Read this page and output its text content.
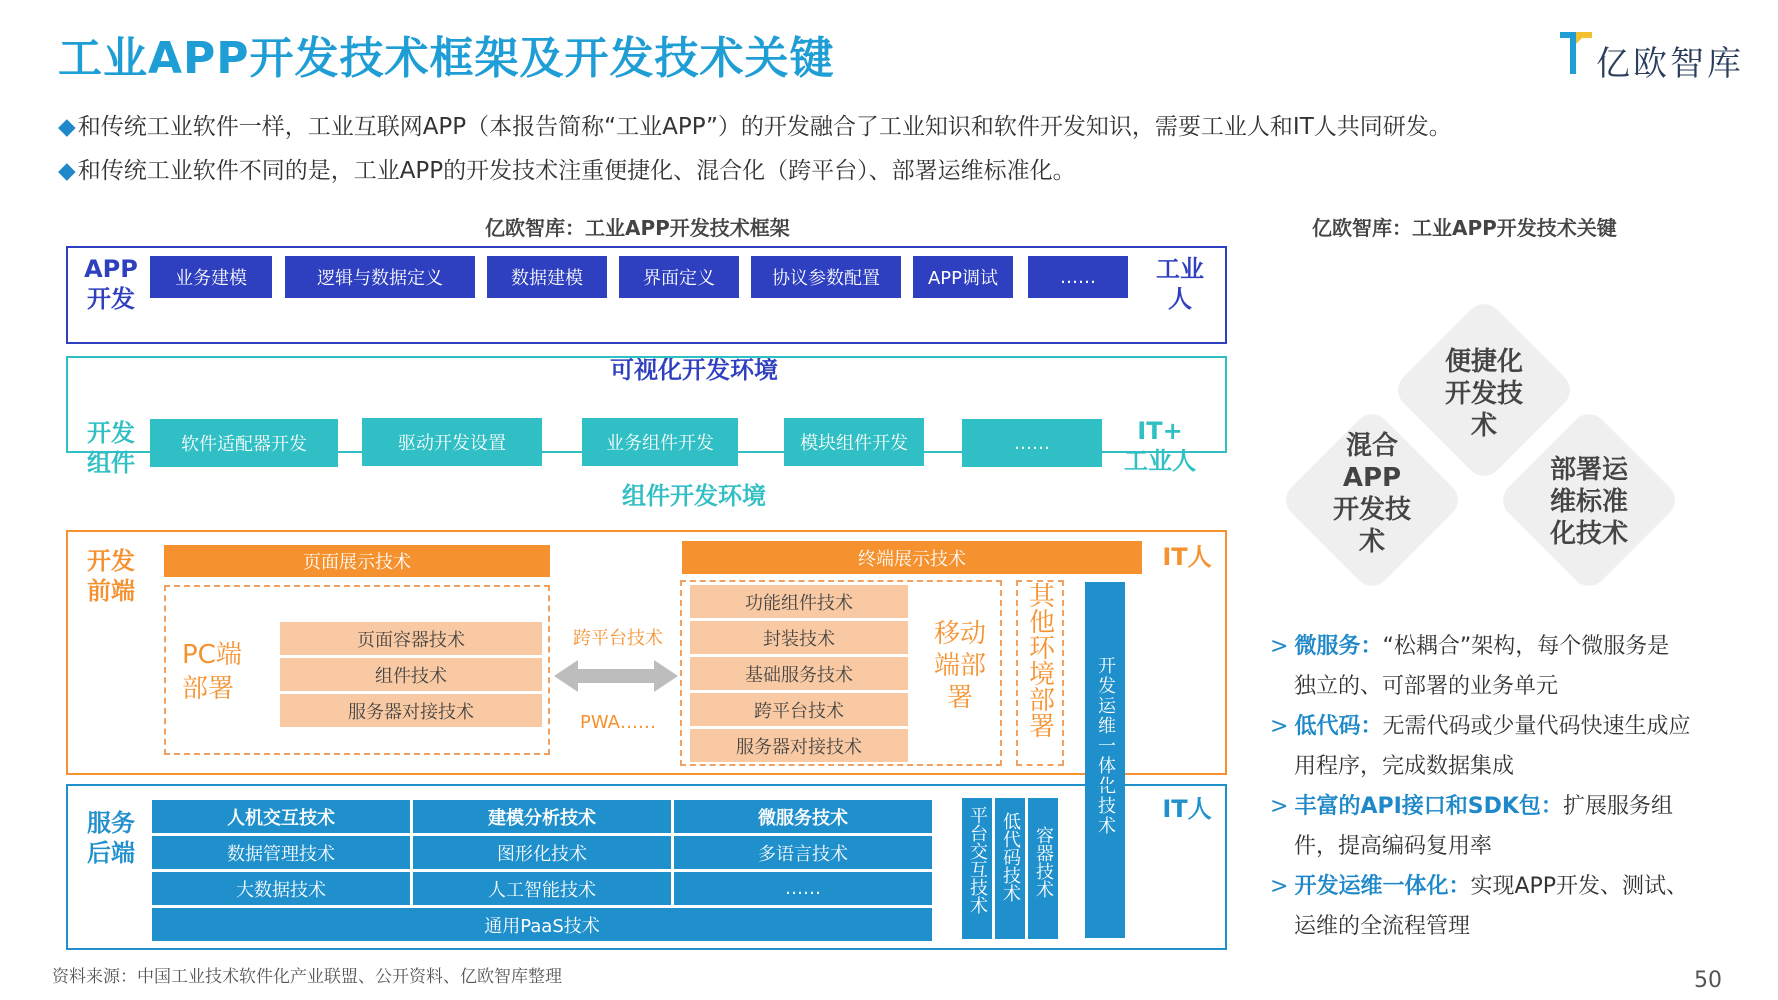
工业APP开发技术框架及开发技术关键	亿欧智库
◆和传统工业软件一样，工业互联网APP（本报告简称“工业APP”）的开发融合了工业知识和软件开发知识，需要工业人和IT人共同研发。
◆和传统工业软件不同的是，工业APP的开发技术注重便捷化、混合化（跨平台）、部署运维标准化。
亿欧智库：工业APP开发技术框架
APP
开发
业务建模	逻辑与数据定义	数据建模	界面定义	协议参数配置	APP调试	……
可视化开发环境
工业
人
开发
组件
软件适配器开发	驱动开发设置	业务组件开发	模块组件开发	……
组件开发环境
IT+
工业人
开发
前端
页面展示技术	终端展示技术	IT人
PC端
部署
页面容器技术
组件技术
服务器对接技术
跨平台技术
PWA……
功能组件技术
封装技术
基础服务技术
跨平台技术
服务器对接技术
移动
端部
署	其他环境部署 开发运维一体化技术
服务
后端
IT人
人机交互技术	建模分析技术	微服务技术
数据管理技术	图形化技术	多语言技术
大数据技术	人工智能技术	……
通用PaaS技术
平台交互技术 低代码技术 容器技术
亿欧智库：工业APP开发技术关键
便捷化
开发技
术
混合
APP
开发技
术
部署运
维标准
化技术
> 微服务：“松耦合”架构，每个微服务是
独立的、可部署的业务单元
> 低代码：无需代码或少量代码快速生成应
用程序，完成数据集成
> 丰富的API接口和SDK包：扩展服务组
件，提高编码复用率
> 开发运维一体化：实现APP开发、测试、
运维的全流程管理
资料来源：中国工业技术软件化产业联盟、公开资料、亿欧智库整理	50
